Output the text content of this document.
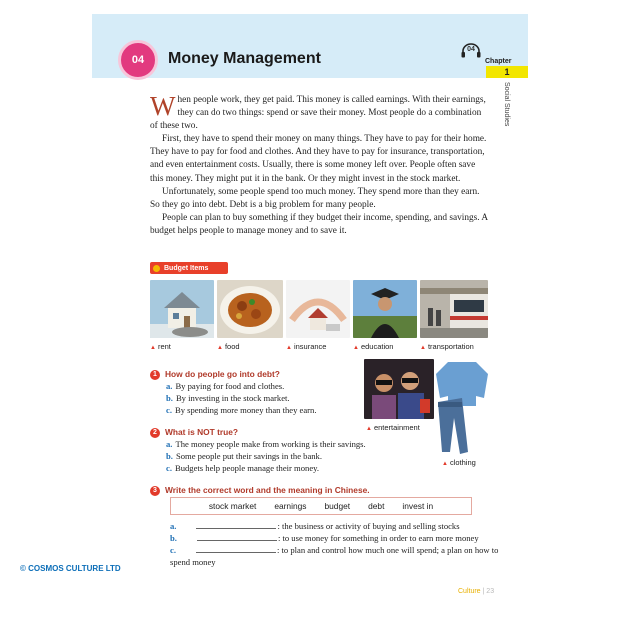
04 Money Management
04
Chapter
1
Social Studies

When people work, they get paid. This money is called earnings. With their earnings, they can do two things: spend or save their money. Most people do a combination of these two.

First, they have to spend their money on many things. They have to pay for their home. They have to pay for food and clothes. And they have to pay for insurance, transportation, and even entertainment costs. Usually, there is some money left over. People often save this money. They might put it in the bank. Or they might invest in the stock market.

Unfortunately, some people spend too much money. They spend more than they earn. So they go into debt. Debt is a big problem for many people.

People can plan to buy something if they budget their income, spending, and savings. A budget helps people to manage money and to save it.

Budget Items
▲ rent	▲ food	▲ insurance	▲ education	▲ transportation
▲ entertainment
▲ clothing
1 How do people go into debt?
a. By paying for food and clothes.
b. By investing in the stock market.
c. By spending more money than they earn.
2 What is NOT true?
a. The money people make from working is their savings.
b. Some people put their savings in the bank.
c. Budgets help people manage their money.
3 Write the correct word and the meaning in Chinese.
stock market earnings budget debt invest in
a.	: the business or activity of buying and selling stocks
b.	: to use money for something in order to earn more money
c.	: to plan and control how much one will spend; a plan on how to spend money
Culture | 23
© COSMOS CULTURE LTD
